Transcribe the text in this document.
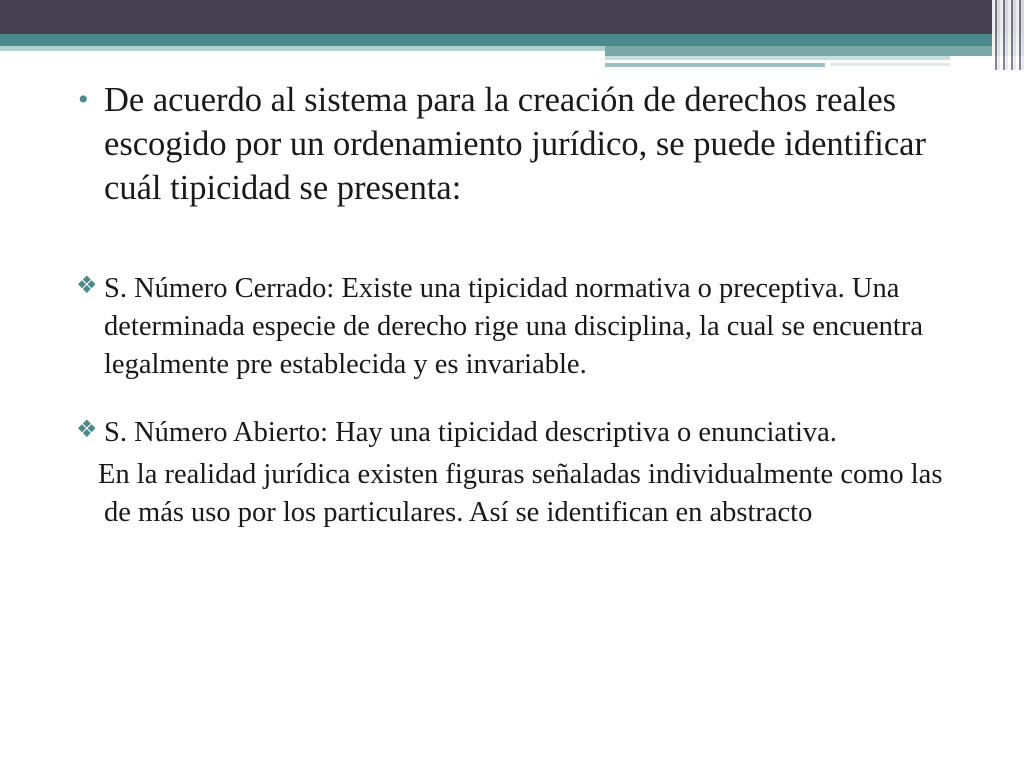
• De acuerdo al sistema para la creación de derechos reales escogido por un ordenamiento jurídico, se puede identificar cuál tipicidad se presenta:

❖ S. Número Cerrado: Existe una tipicidad normativa o preceptiva. Una determinada especie de derecho rige una disciplina, la cual se encuentra legalmente pre establecida y es invariable.

❖ S. Número Abierto: Hay una tipicidad descriptiva o enunciativa.

En la realidad jurídica existen figuras señaladas individualmente como las de más uso por los particulares. Así se identifican en abstracto
